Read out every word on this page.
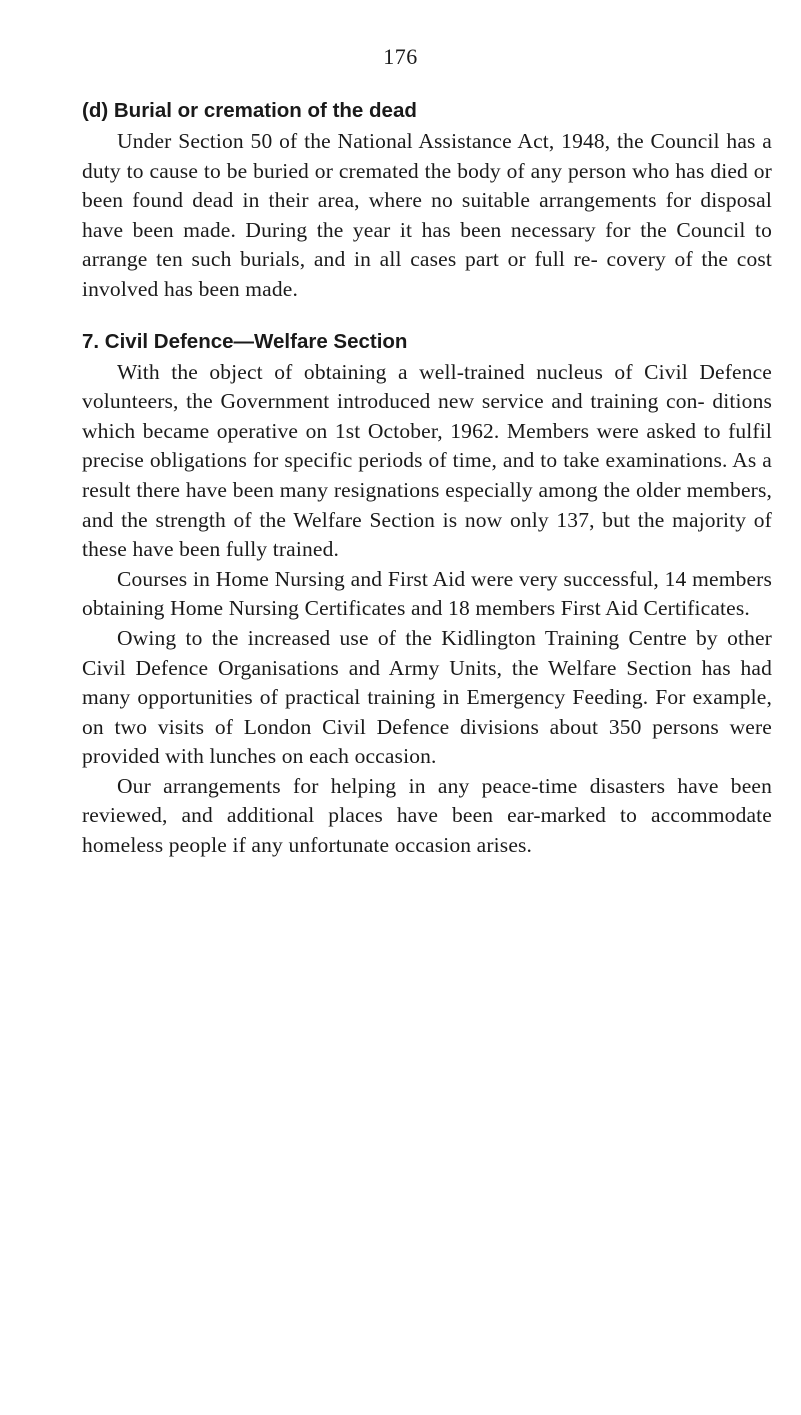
176
(d) Burial or cremation of the dead

Under Section 50 of the National Assistance Act, 1948, the Council has a duty to cause to be buried or cremated the body of any person who has died or been found dead in their area, where no suitable arrangements for disposal have been made. During the year it has been necessary for the Council to arrange ten such burials, and in all cases part or full re- covery of the cost involved has been made.

7. Civil Defence—Welfare Section

With the object of obtaining a well-trained nucleus of Civil Defence volunteers, the Government introduced new service and training con- ditions which became operative on 1st October, 1962. Members were asked to fulfil precise obligations for specific periods of time, and to take examinations. As a result there have been many resignations especially among the older members, and the strength of the Welfare Section is now only 137, but the majority of these have been fully trained.

Courses in Home Nursing and First Aid were very successful, 14 members obtaining Home Nursing Certificates and 18 members First Aid Certificates.

Owing to the increased use of the Kidlington Training Centre by other Civil Defence Organisations and Army Units, the Welfare Section has had many opportunities of practical training in Emergency Feeding. For example, on two visits of London Civil Defence divisions about 350 persons were provided with lunches on each occasion.

Our arrangements for helping in any peace-time disasters have been reviewed, and additional places have been ear-marked to accommodate homeless people if any unfortunate occasion arises.
